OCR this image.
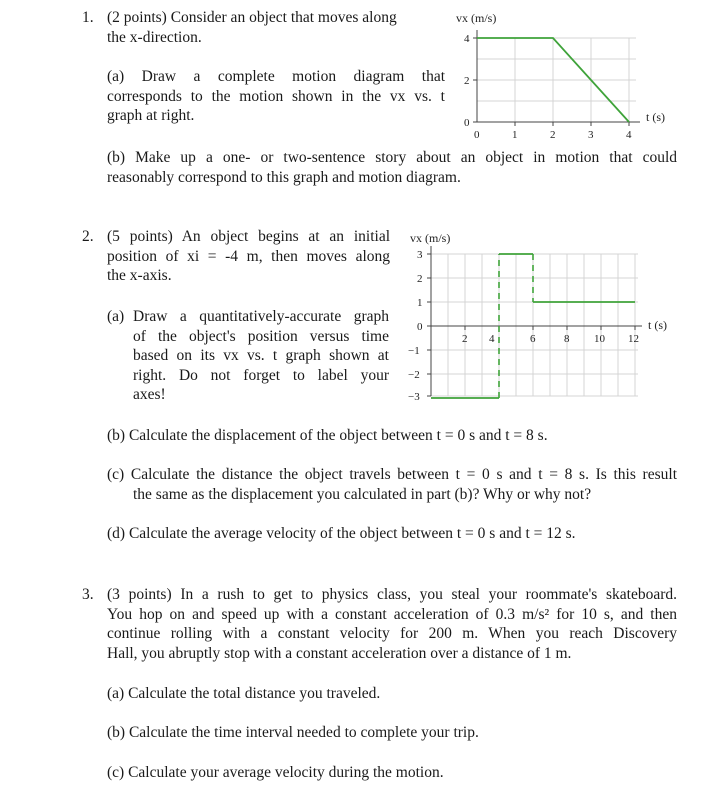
1. (2 points) Consider an object that moves along
the x-direction.
(a) Draw a complete motion diagram that
corresponds to the motion shown in the vx vs. t
graph at right.
vx (m/s)
t (s)
4
2
0
0	1	2	3	4
(b) Make up a one- or two-sentence story about an object in motion that could
reasonably correspond to this graph and motion diagram.
2. (5 points) An object begins at an initial
position of xi = -4 m, then moves along
the x-axis.
(a) Draw a quantitatively-accurate graph
of the object's position versus time
based on its vx vs. t graph shown at
right. Do not forget to label your
axes!
vx (m/s)
t (s)
3
2
1
0
−1
−2
−3
2 4	6	8 10 12
(b) Calculate the displacement of the object between t = 0 s and t = 8 s.
(c) Calculate the distance the object travels between t = 0 s and t = 8 s. Is this result
the same as the displacement you calculated in part (b)? Why or why not?
(d) Calculate the average velocity of the object between t = 0 s and t = 12 s.
3. (3 points) In a rush to get to physics class, you steal your roommate's skateboard.
You hop on and speed up with a constant acceleration of 0.3 m/s² for 10 s, and then
continue rolling with a constant velocity for 200 m. When you reach Discovery
Hall, you abruptly stop with a constant acceleration over a distance of 1 m.
(a) Calculate the total distance you traveled.
(b) Calculate the time interval needed to complete your trip.
(c) Calculate your average velocity during the motion.
